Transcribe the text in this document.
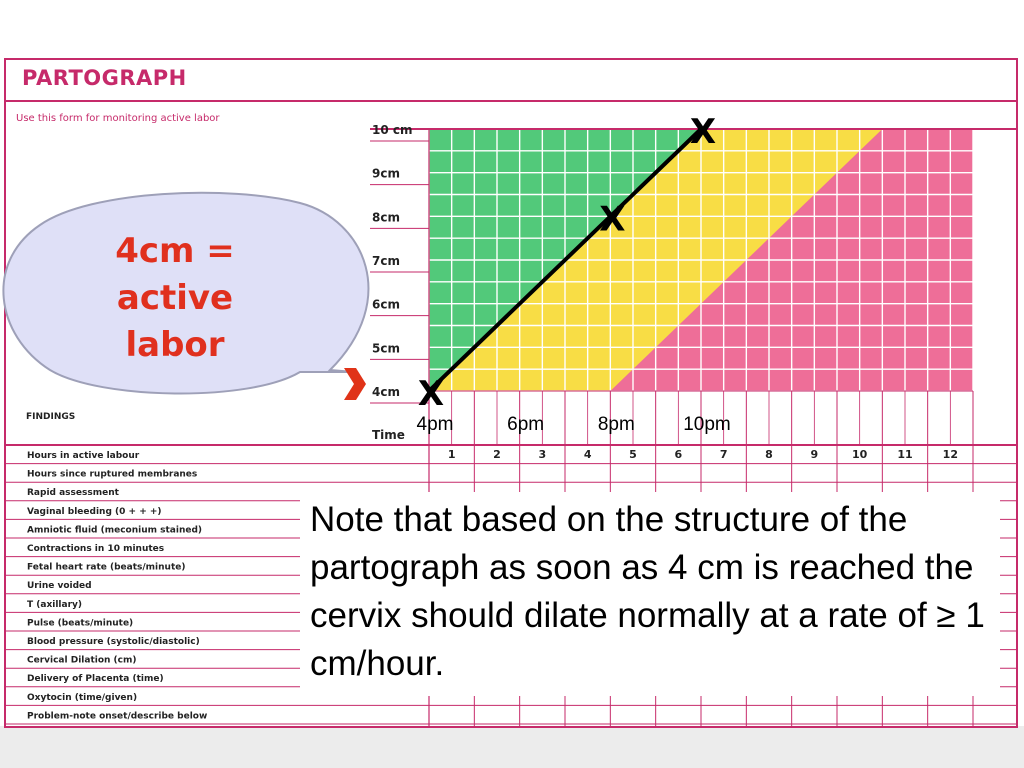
PARTOGRAPH
Use this form for monitoring active labor
FINDINGS
Time
4cm
5cm
6cm
7cm
8cm
9cm
10 cm
4pm	6pm	8pm	10pm
1	2	3	4	5	6	7	8	9	10	11	12
Hours in active labour
Hours since ruptured membranes
Rapid assessment
Vaginal bleeding (0 + + +)
Amniotic fluid (meconium stained)
Contractions in 10 minutes
Fetal heart rate (beats/minute)
Urine voided
T (axillary)
Pulse (beats/minute)
Blood pressure (systolic/diastolic)
Cervical Dilation (cm)
Delivery of Placenta (time)
Oxytocin (time/given)
Problem-note onset/describe below
X
X
X
4cm =
active
labor
Note that based on the structure of the partograph as soon as 4 cm is reached the cervix should dilate normally at a rate of ≥ 1 cm/hour.
